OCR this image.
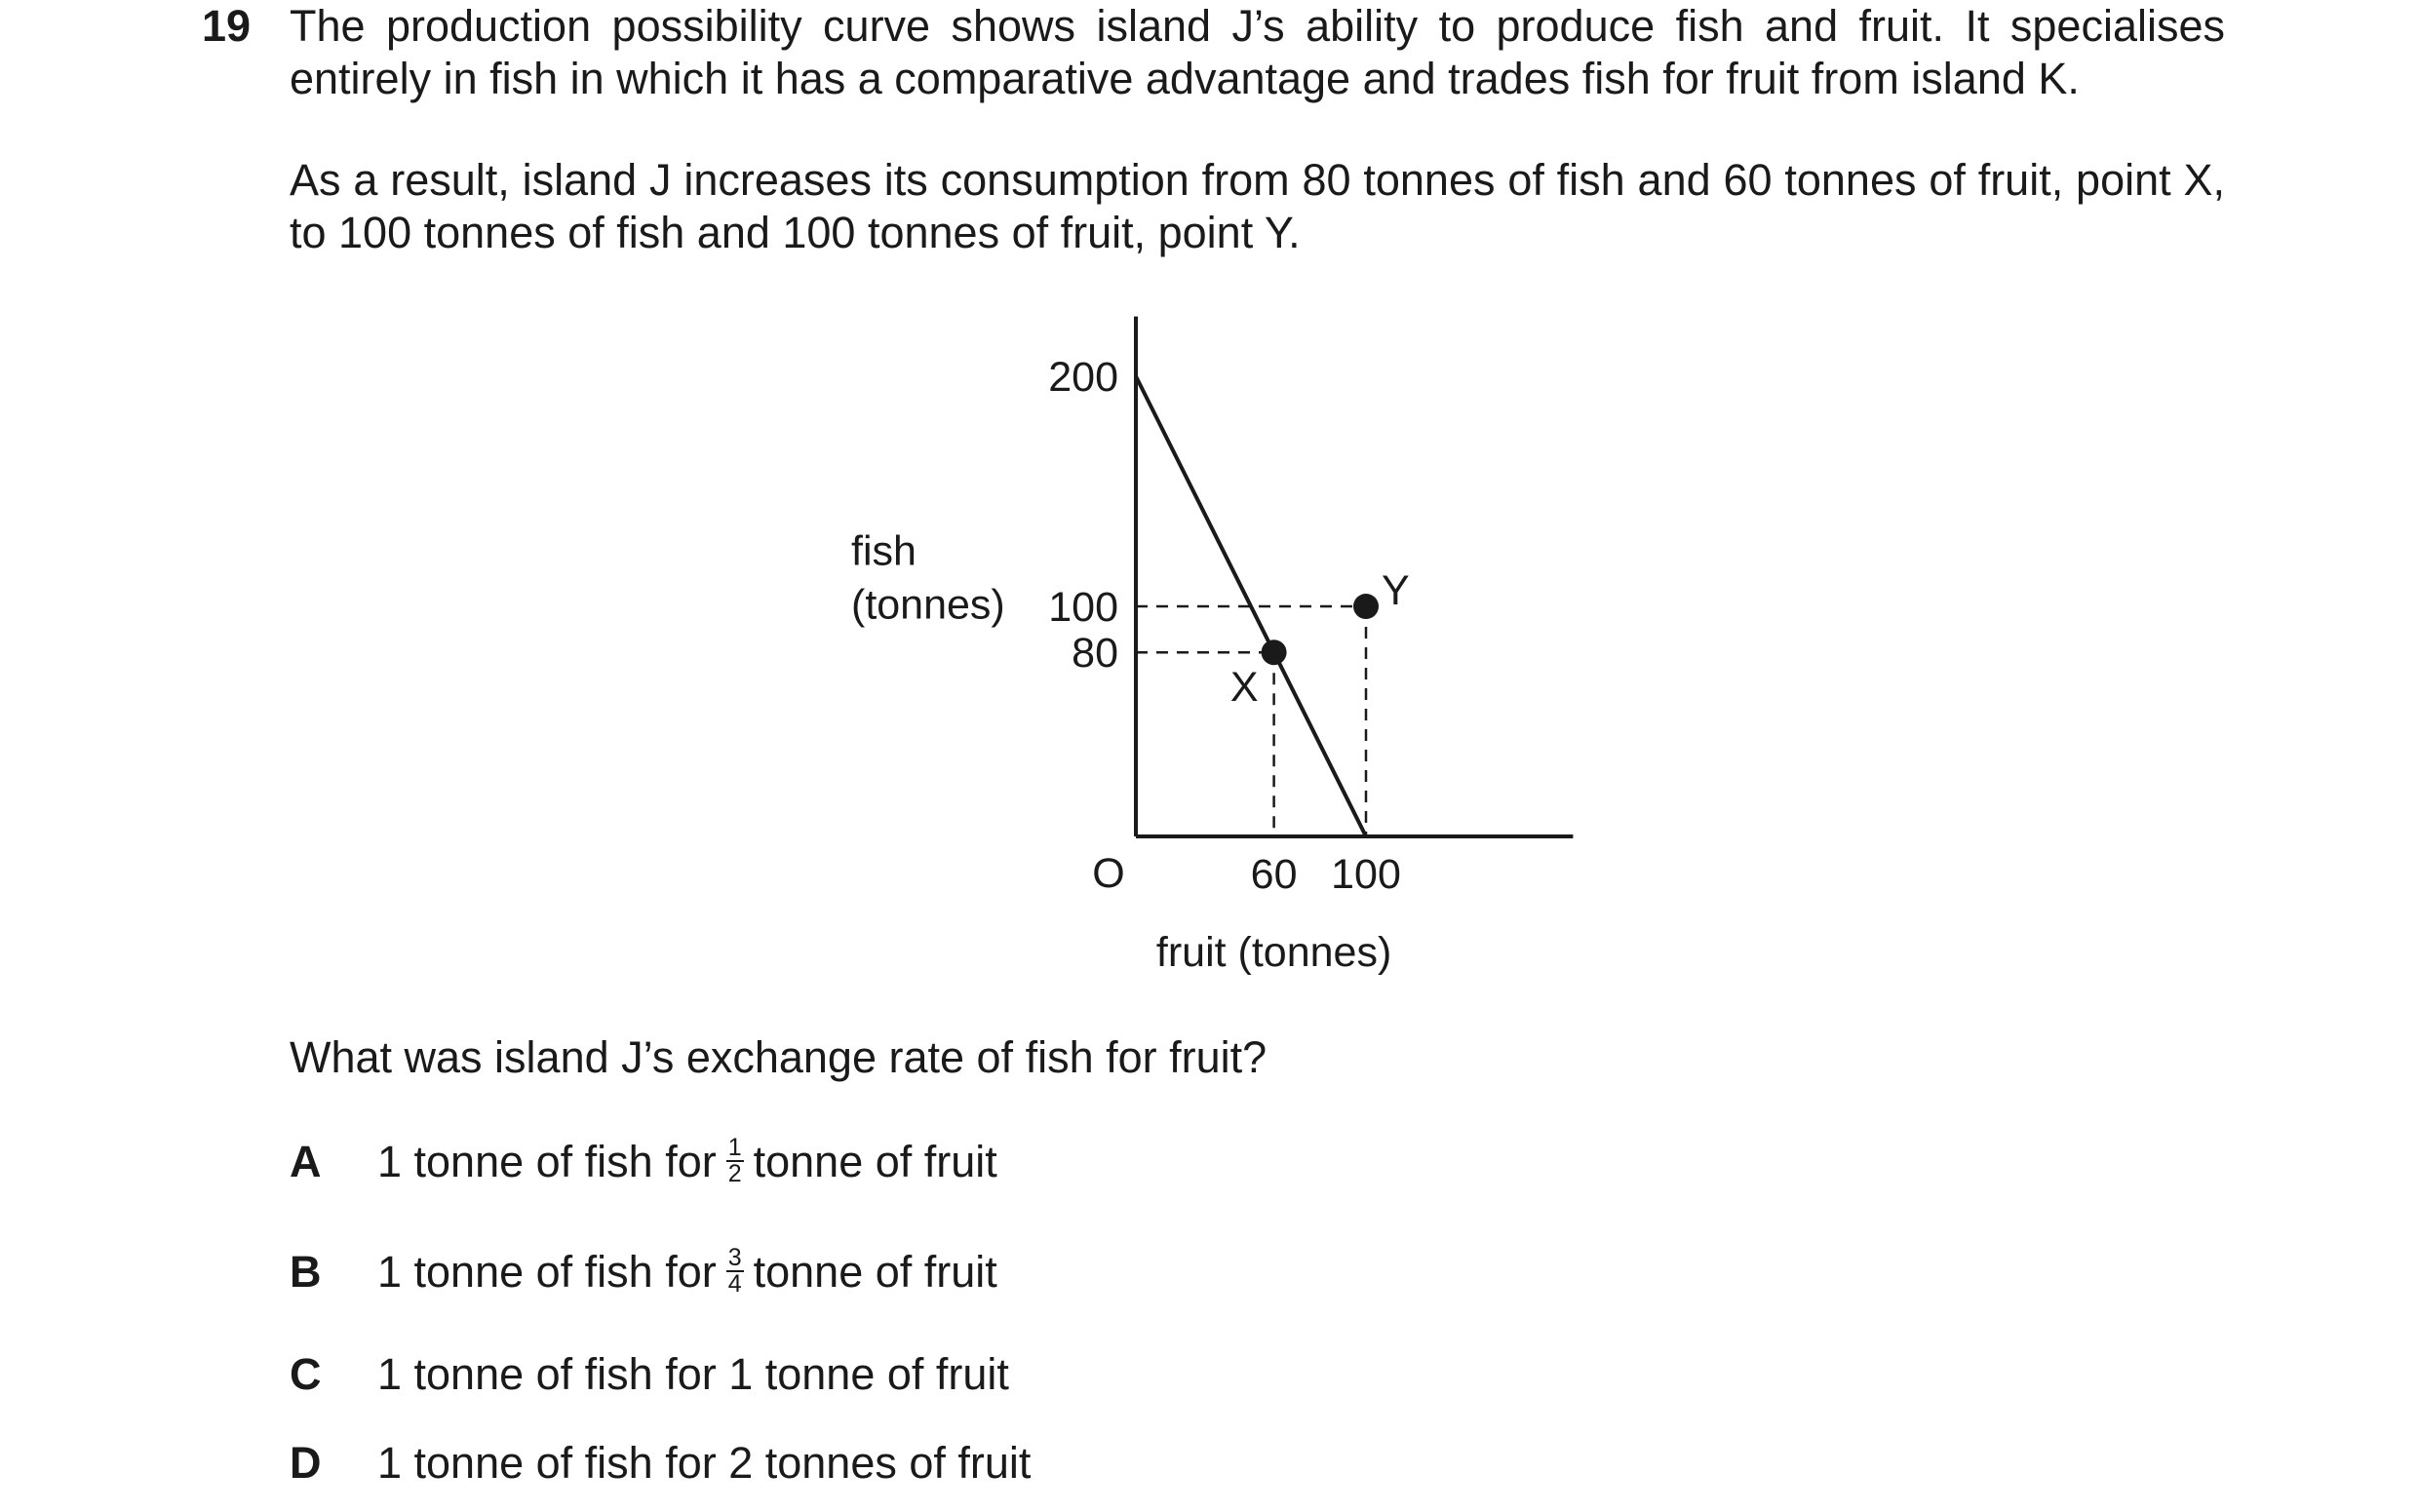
19 The production possibility curve shows island J’s ability to produce fish and fruit. It specialises entirely in fish in which it has a comparative advantage and trades fish for fruit from island K.
As a result, island J increases its consumption from 80 tonnes of fish and 60 tonnes of fruit, point X, to 100 tonnes of fish and 100 tonnes of fruit, point Y.
X
Y
80
100
200
60 100
O
fish
(tonnes)
fruit (tonnes)
What was island J’s exchange rate of fish for fruit?
A 1 tonne of fish for $\frac{1}{2}$ tonne of fruit
B 1 tonne of fish for $\frac{3}{4}$ tonne of fruit
C 1 tonne of fish for 1 tonne of fruit
D 1 tonne of fish for 2 tonnes of fruit
